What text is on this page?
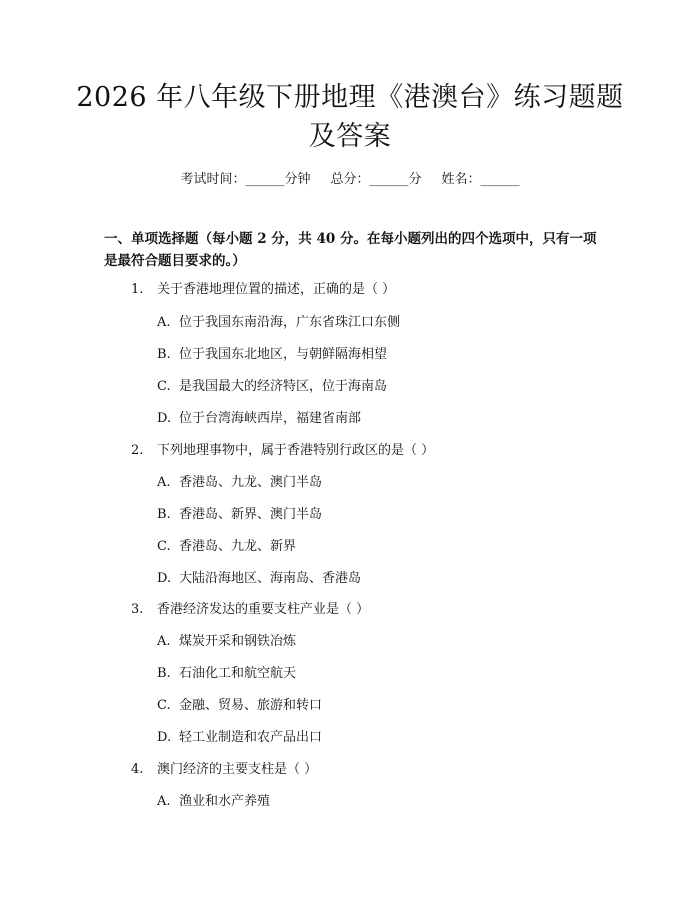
2026 年八年级下册地理《港澳台》练习题题
及答案
考试时间：______分钟 总分：______分 姓名：______
一、单项选择题（每小题 2 分，共 40 分。在每小题列出的四个选项中，只有一项
是最符合题目要求的。）
1. 关于香港地理位置的描述，正确的是（ ）
A. 位于我国东南沿海，广东省珠江口东侧
B. 位于我国东北地区，与朝鲜隔海相望
C. 是我国最大的经济特区，位于海南岛
D. 位于台湾海峡西岸，福建省南部
2. 下列地理事物中，属于香港特别行政区的是（ ）
A. 香港岛、九龙、澳门半岛
B. 香港岛、新界、澳门半岛
C. 香港岛、九龙、新界
D. 大陆沿海地区、海南岛、香港岛
3. 香港经济发达的重要支柱产业是（ ）
A. 煤炭开采和钢铁冶炼
B. 石油化工和航空航天
C. 金融、贸易、旅游和转口
D. 轻工业制造和农产品出口
4. 澳门经济的主要支柱是（ ）
A. 渔业和水产养殖
